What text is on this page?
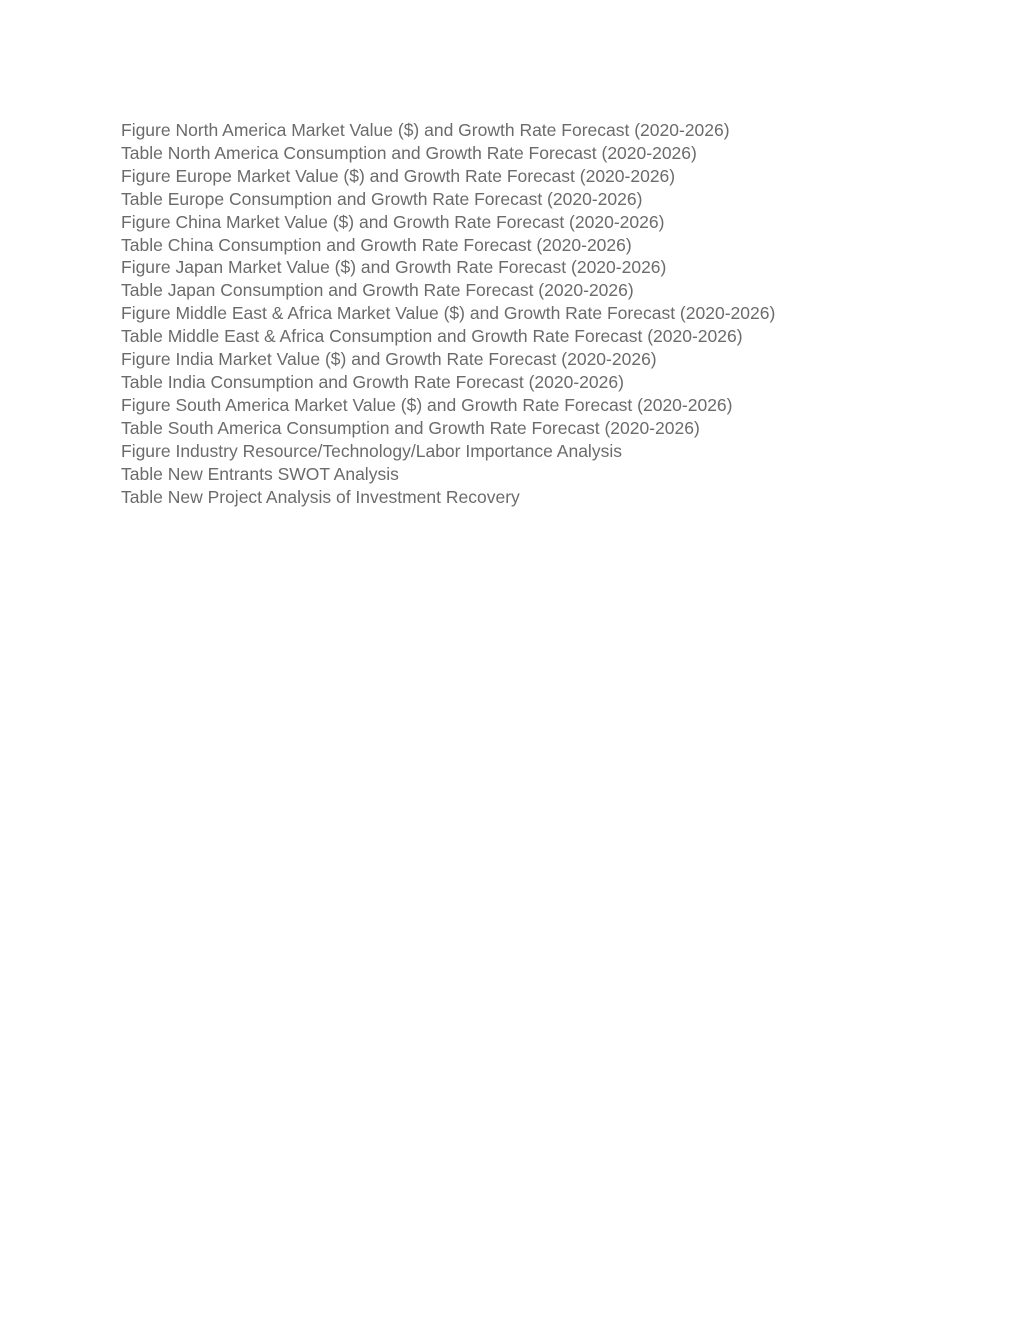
Figure North America Market Value ($) and Growth Rate Forecast (2020-2026)
Table North America Consumption and Growth Rate Forecast (2020-2026)
Figure Europe Market Value ($) and Growth Rate Forecast (2020-2026)
Table Europe Consumption and Growth Rate Forecast (2020-2026)
Figure China Market Value ($) and Growth Rate Forecast (2020-2026)
Table China Consumption and Growth Rate Forecast (2020-2026)
Figure Japan Market Value ($) and Growth Rate Forecast (2020-2026)
Table Japan Consumption and Growth Rate Forecast (2020-2026)
Figure Middle East & Africa Market Value ($) and Growth Rate Forecast (2020-2026)
Table Middle East & Africa Consumption and Growth Rate Forecast (2020-2026)
Figure India Market Value ($) and Growth Rate Forecast (2020-2026)
Table India Consumption and Growth Rate Forecast (2020-2026)
Figure South America Market Value ($) and Growth Rate Forecast (2020-2026)
Table South America Consumption and Growth Rate Forecast (2020-2026)
Figure Industry Resource/Technology/Labor Importance Analysis
Table New Entrants SWOT Analysis
Table New Project Analysis of Investment Recovery
